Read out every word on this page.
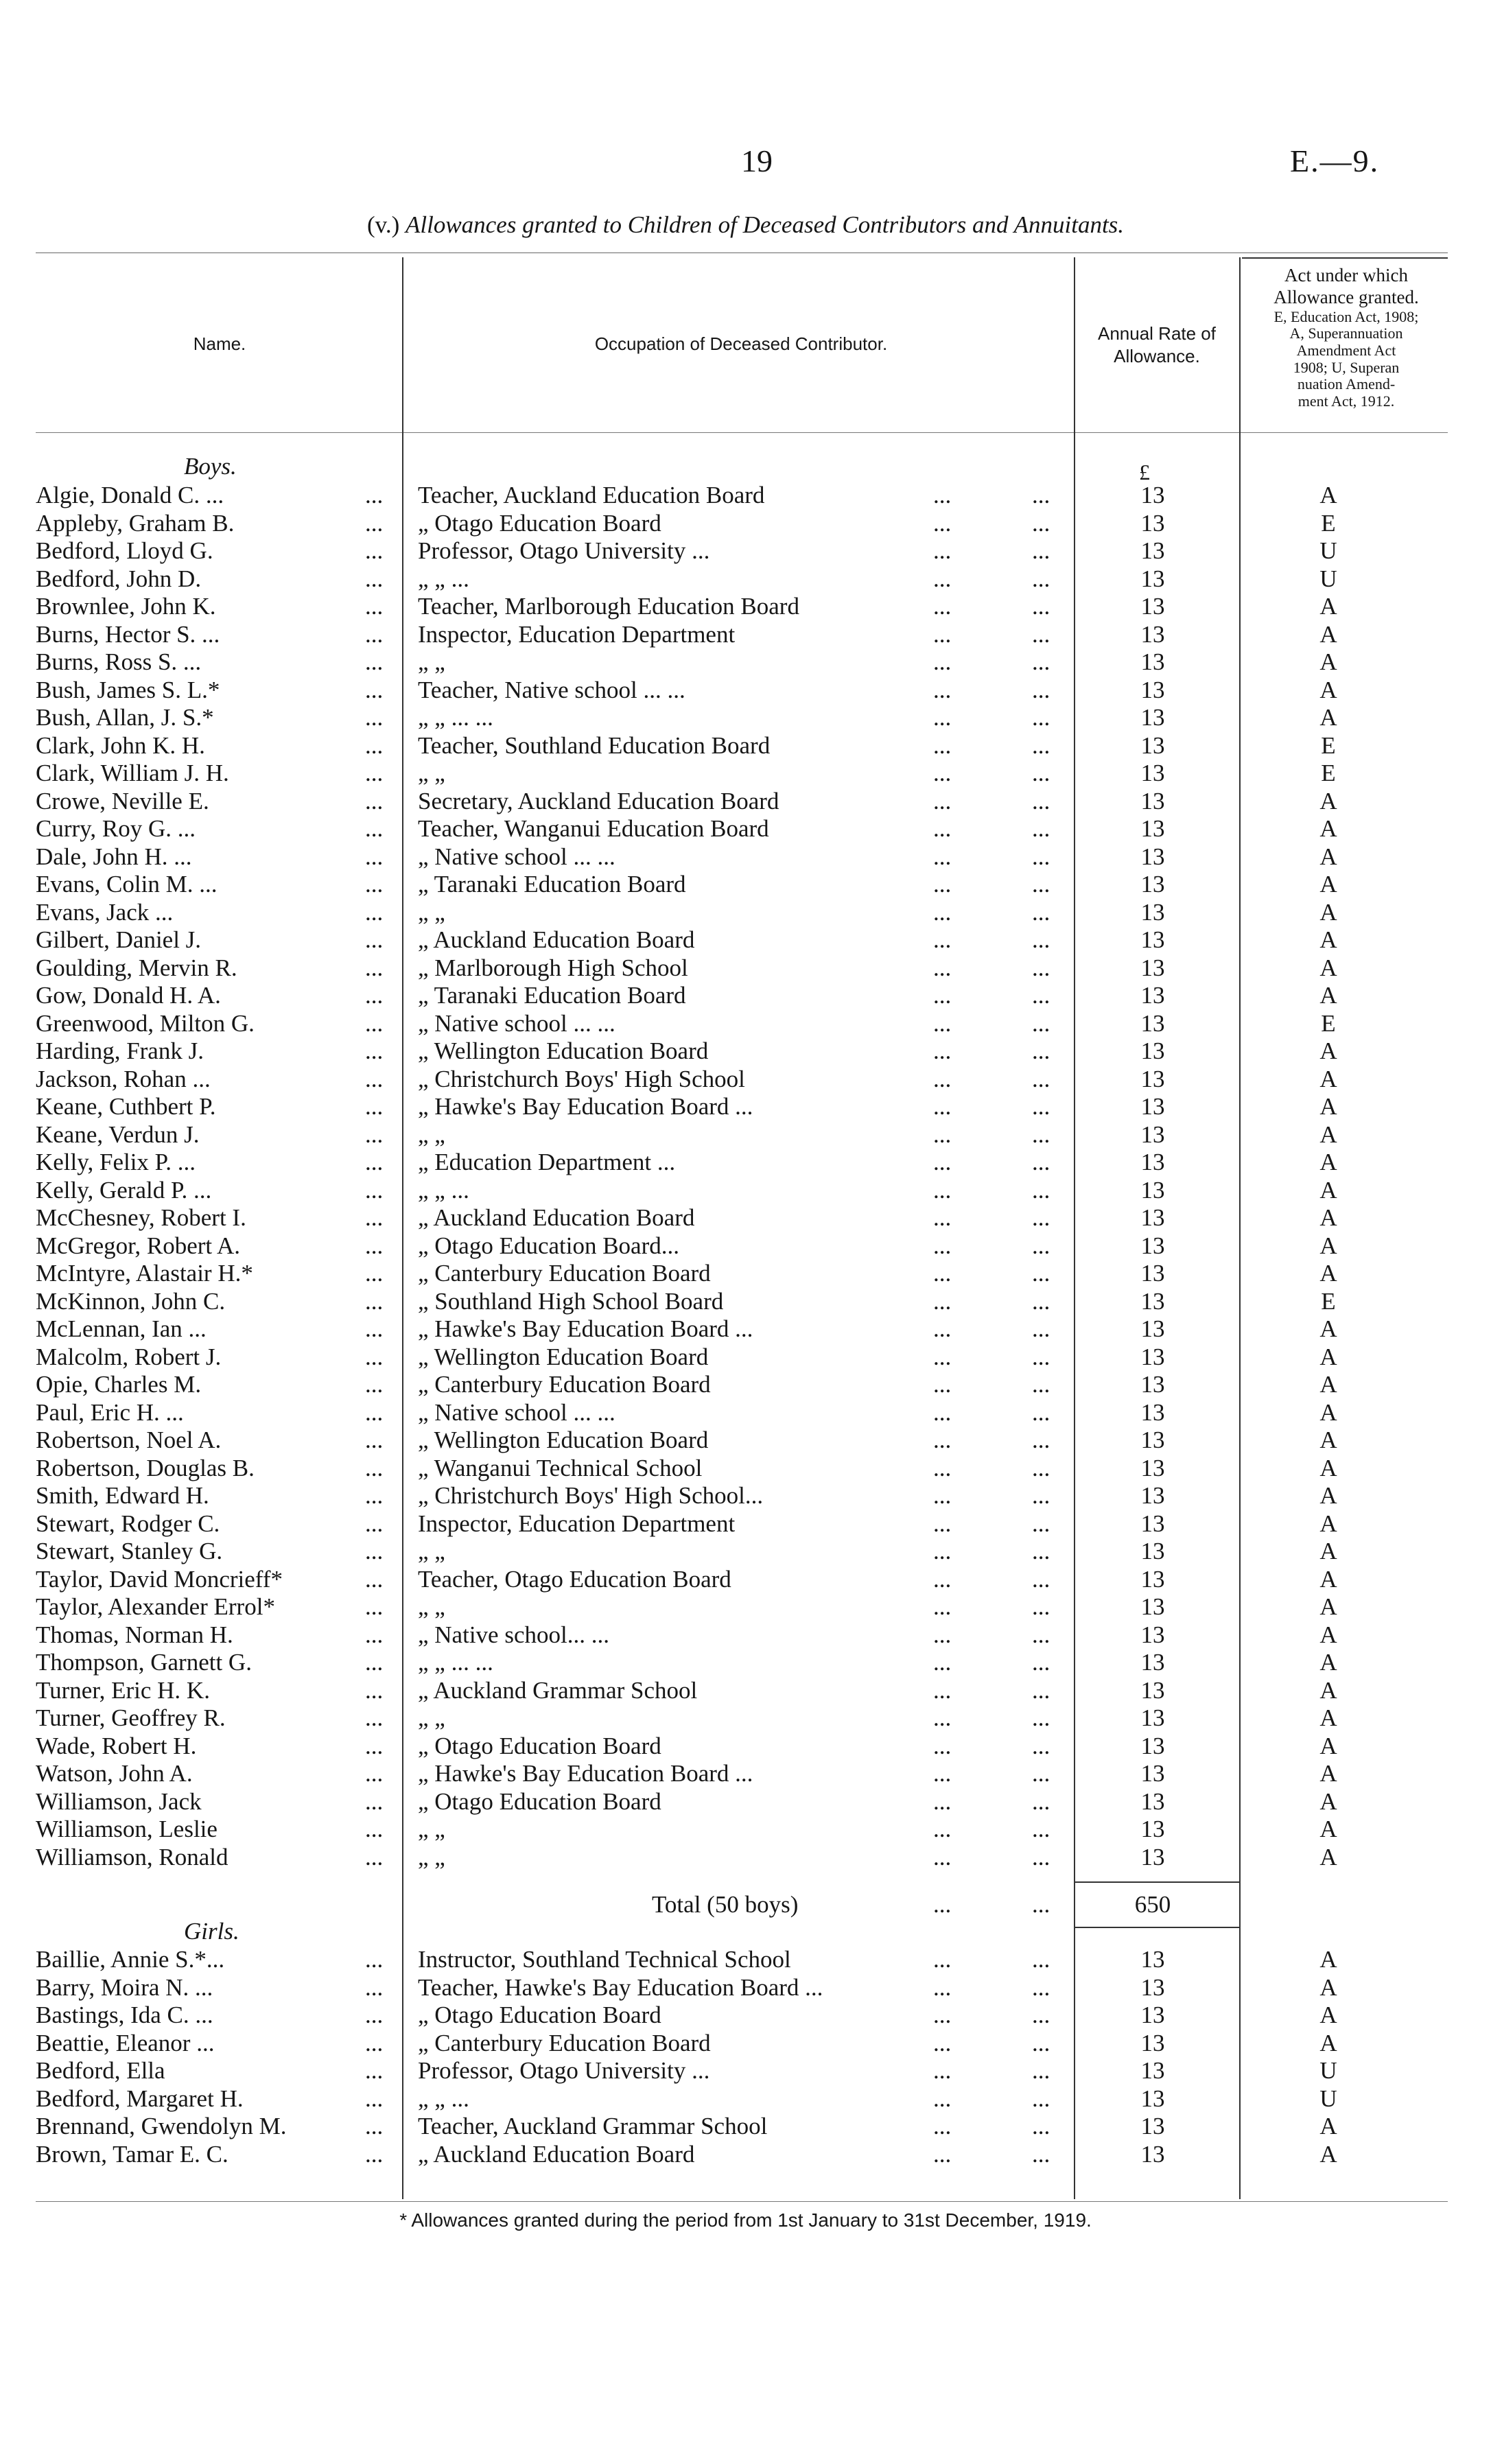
19	E.—9.
(v.) Allowances granted to Children of Deceased Contributors and Annuitants.
Name.	Occupation of Deceased Contributor.	Annual Rate of
Allowance.
Act under which
Allowance granted.
E, Education Act, 1908;
A, Superannuation
Amendment Act
1908; U, Superan
nuation Amend-
ment Act, 1912.
Boys.	£
Algie, Donald C. ...	... Teacher, Auckland Education Board	...	...	13	A
Appleby, Graham B.	... „ Otago Education Board	...	...	13	E
Bedford, Lloyd G.	... Professor, Otago University ...	...	...	13	U
Bedford, John D.	... „ „ ...	...	...	13	U
Brownlee, John K.	... Teacher, Marlborough Education Board	...	...	13	A
Burns, Hector S. ...	... Inspector, Education Department	...	...	13	A
Burns, Ross S. ...	... „ „	...	...	13	A
Bush, James S. L.*	... Teacher, Native school ... ...	...	...	13	A
Bush, Allan, J. S.*	... „ „ ... ...	...	...	13	A
Clark, John K. H.	... Teacher, Southland Education Board	...	...	13	E
Clark, William J. H.	... „ „	...	...	13	E
Crowe, Neville E.	... Secretary, Auckland Education Board	...	...	13	A
Curry, Roy G. ...	... Teacher, Wanganui Education Board	...	...	13	A
Dale, John H. ...	... „ Native school ... ...	...	...	13	A
Evans, Colin M. ...	... „ Taranaki Education Board	...	...	13	A
Evans, Jack ...	... „ „	...	...	13	A
Gilbert, Daniel J.	... „ Auckland Education Board	...	...	13	A
Goulding, Mervin R.	... „ Marlborough High School	...	...	13	A
Gow, Donald H. A.	... „ Taranaki Education Board	...	...	13	A
Greenwood, Milton G.	... „ Native school ... ...	...	...	13	E
Harding, Frank J.	... „ Wellington Education Board	...	...	13	A
Jackson, Rohan ...	... „ Christchurch Boys' High School	...	...	13	A
Keane, Cuthbert P.	... „ Hawke's Bay Education Board ...	...	...	13	A
Keane, Verdun J.	... „ „	...	...	13	A
Kelly, Felix P. ...	... „ Education Department ...	...	...	13	A
Kelly, Gerald P. ...	... „ „ ...	...	...	13	A
McChesney, Robert I.	... „ Auckland Education Board	...	...	13	A
McGregor, Robert A.	... „ Otago Education Board...	...	...	13	A
McIntyre, Alastair H.*	... „ Canterbury Education Board	...	...	13	A
McKinnon, John C.	... „ Southland High School Board	...	...	13	E
McLennan, Ian ...	... „ Hawke's Bay Education Board ...	...	...	13	A
Malcolm, Robert J.	... „ Wellington Education Board	...	...	13	A
Opie, Charles M.	... „ Canterbury Education Board	...	...	13	A
Paul, Eric H. ...	... „ Native school ... ...	...	...	13	A
Robertson, Noel A.	... „ Wellington Education Board	...	...	13	A
Robertson, Douglas B.	... „ Wanganui Technical School	...	...	13	A
Smith, Edward H.	... „ Christchurch Boys' High School...	...	...	13	A
Stewart, Rodger C.	... Inspector, Education Department	...	...	13	A
Stewart, Stanley G.	... „ „	...	...	13	A
Taylor, David Moncrieff*	... Teacher, Otago Education Board	...	...	13	A
Taylor, Alexander Errol*	... „ „	...	...	13	A
Thomas, Norman H.	... „ Native school... ...	...	...	13	A
Thompson, Garnett G.	... „ „ ... ...	...	...	13	A
Turner, Eric H. K.	... „ Auckland Grammar School	...	...	13	A
Turner, Geoffrey R.	... „ „	...	...	13	A
Wade, Robert H.	... „ Otago Education Board	...	...	13	A
Watson, John A.	... „ Hawke's Bay Education Board ...	...	...	13	A
Williamson, Jack	... „ Otago Education Board	...	...	13	A
Williamson, Leslie	... „ „	...	...	13	A
Williamson, Ronald	... „ „	...	...	13	A
Total (50 boys)	...	...	650
Girls.
Baillie, Annie S.*...	... Instructor, Southland Technical School	...	...	13	A
Barry, Moira N. ...	... Teacher, Hawke's Bay Education Board ...	...	...	13	A
Bastings, Ida C. ...	... „ Otago Education Board	...	...	13	A
Beattie, Eleanor ...	... „ Canterbury Education Board	...	...	13	A
Bedford, Ella	... Professor, Otago University ...	...	...	13	U
Bedford, Margaret H.	... „ „ ...	...	...	13	U
Brennand, Gwendolyn M.	... Teacher, Auckland Grammar School	...	...	13	A
Brown, Tamar E. C.	... „ Auckland Education Board	...	...	13	A
* Allowances granted during the period from 1st January to 31st December, 1919.
